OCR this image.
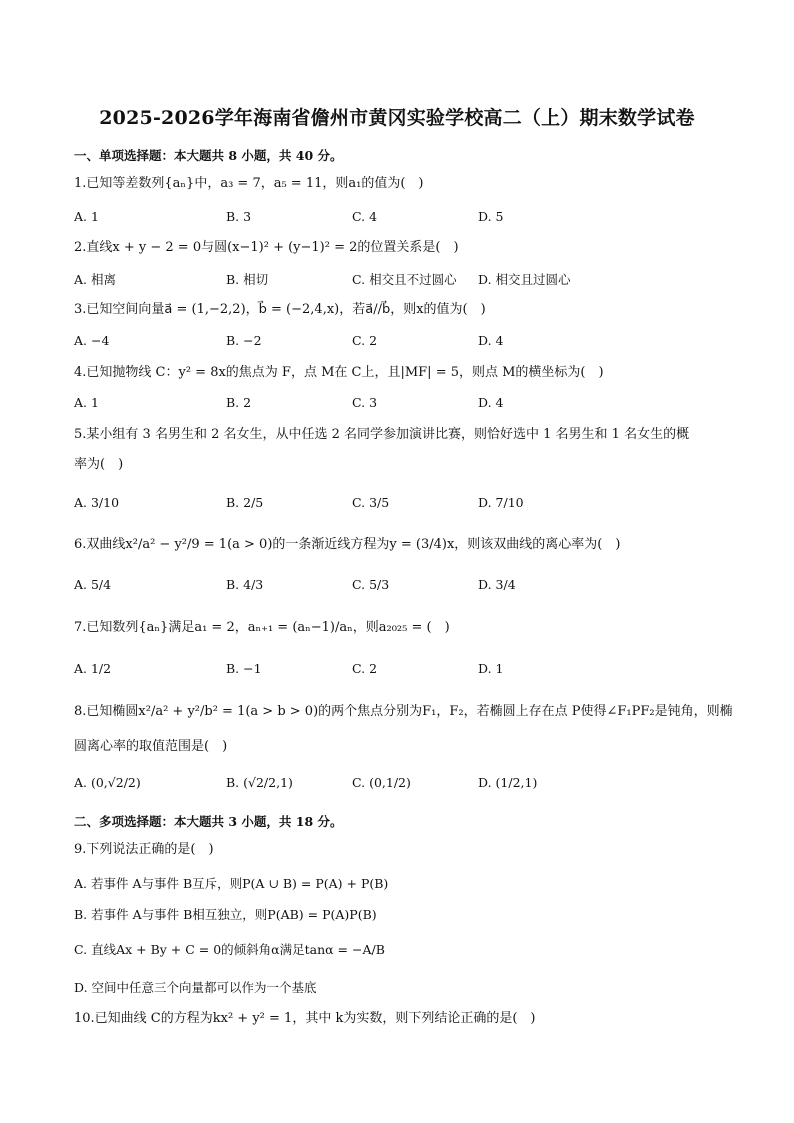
2025-2026学年海南省儋州市黄冈实验学校高二（上）期末数学试卷
一、单项选择题：本大题共 8 小题，共 40 分。
1.已知等差数列{aₙ}中，a₃ = 7，a₅ = 11，则a₁的值为(　)
A. 1	B. 3	C. 4	D. 5
2.直线x + y − 2 = 0与圆(x−1)² + (y−1)² = 2的位置关系是(　)
A. 相离	B. 相切	C. 相交且不过圆心 D. 相交且过圆心
3.已知空间向量a⃗ = (1,−2,2)，b⃗ = (−2,4,x)，若a⃗//b⃗，则x的值为(　)
A. −4	B. −2	C. 2	D. 4
4.已知抛物线 C：y² = 8x的焦点为 F，点 M在 C上，且|MF| = 5，则点 M的横坐标为(　)
A. 1	B. 2	C. 3	D. 4
5.某小组有 3 名男生和 2 名女生，从中任选 2 名同学参加演讲比赛，则恰好选中 1 名男生和 1 名女生的概
率为(　)
A. 3/10	B. 2/5	C. 3/5	D. 7/10
6.双曲线x²/a² − y²/9 = 1(a > 0)的一条渐近线方程为y = (3/4)x，则该双曲线的离心率为(　)
A. 5/4	B. 4/3	C. 5/3	D. 3/4
7.已知数列{aₙ}满足a₁ = 2，aₙ₊₁ = (aₙ−1)/aₙ，则a₂₀₂₅ = (　)
A. 1/2	B. −1	C. 2	D. 1
8.已知椭圆x²/a² + y²/b² = 1(a > b > 0)的两个焦点分别为F₁，F₂，若椭圆上存在点 P使得∠F₁PF₂是钝角，则椭
圆离心率的取值范围是(　)
A. (0,√2/2)	B. (√2/2,1)	C. (0,1/2)	D. (1/2,1)
二、多项选择题：本大题共 3 小题，共 18 分。
9.下列说法正确的是(　)
A. 若事件 A与事件 B互斥，则P(A ∪ B) = P(A) + P(B)
B. 若事件 A与事件 B相互独立，则P(AB) = P(A)P(B)
C. 直线Ax + By + C = 0的倾斜角α满足tanα = −A/B
D. 空间中任意三个向量都可以作为一个基底
10.已知曲线 C的方程为kx² + y² = 1，其中 k为实数，则下列结论正确的是(　)
